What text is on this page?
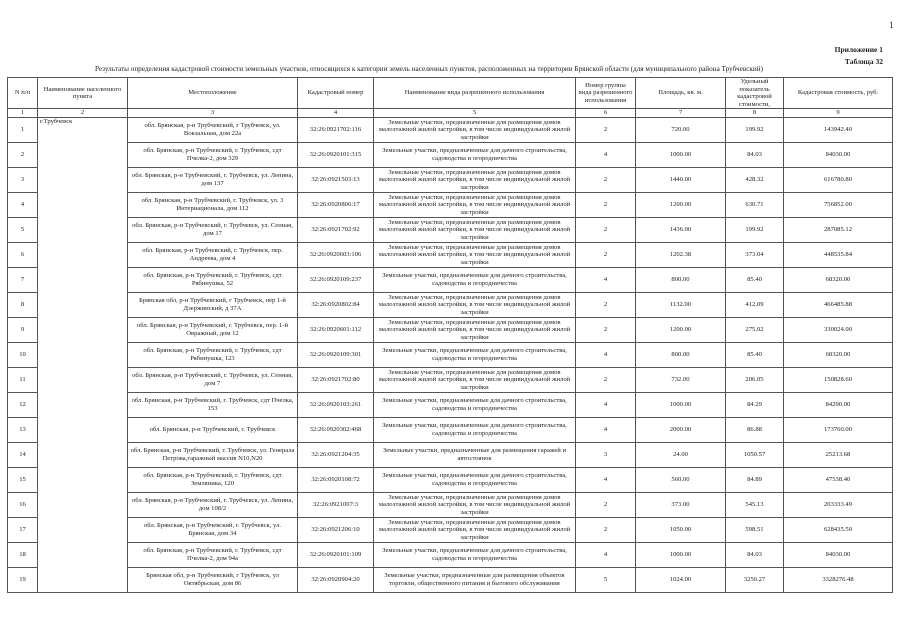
1
Приложение 1
Таблица 32
Результаты определения кадастровой стоимости земельных участков, относящихся к категории земель населенных пунктов, расположенных на территории Брянской области (для муниципального района Трубчевский)
N п/п	Наименование населенного пункта	Местоположение	Кадастровый номер	Наименование вида разрешенного использования	Номер группы вида разрешенного использования	Площадь, кв. м.	Удельный показатель кадастровой стоимости,	Кадастровая стоимость, руб.
1	2	3	4	5	6	7	8	9
1	г.Трубчевск	обл. Брянская, р-н Трубчевский, г Трубчевск, ул. Вокзальная, дом 22а	32:26:0921702:116	Земельные участки, предназначенные для размещения домов малоэтажной жилой застройки, в том числе индивидуальной жилой застройки	2	720.00	199.92	143942.40
2		обл. Брянская, р-н Трубчевский, г. Трубчевск, сдт Пчелка-2, дом 329	32:26:0920101:315	Земельные участки, предназначенные для дачного строительства, садоводства и огородничества	4	1000.00	84.03	84030.00
3		обл. Брянская, р-н Трубчевский, г. Трубчевск, ул. Ленина, дом 137	32:26:0921503:13	Земельные участки, предназначенные для размещения домов малоэтажной жилой застройки, в том числе индивидуальной жилой застройки	2	1440.00	428.32	616780.80
4		обл. Брянская, р-н Трубчевский, г. Трубчевск, ул. 3 Интернационала, дом 112	32:26:0920806:17	Земельные участки, предназначенные для размещения домов малоэтажной жилой застройки, в том числе индивидуальной жилой застройки	2	1200.00	630.71	756852.00
5		обл. Брянская, р-н Трубчевский, г. Трубчевск, ул. Сенная, дом 17	32:26:0921702:92	Земельные участки, предназначенные для размещения домов малоэтажной жилой застройки, в том числе индивидуальной жилой застройки	2	1436.00	199.92	287085.12
6		обл. Брянская, р-н Трубчевский, г. Трубчевск, пер. Андреева, дом 4	32:26:0920603:106	Земельные участки, предназначенные для размещения домов малоэтажной жилой застройки, в том числе индивидуальной жилой застройки	2	1202.38	373.04	448535.84
7		обл. Брянская, р-н Трубчевский, г. Трубчевск, сдт Рябинушка, 52	32:26:0920109:237	Земельные участки, предназначенные для дачного строительства, садоводства и огородничества	4	800.00	85.40	68320.00
8		Брянская обл, р-н Трубчевский, г Трубчевск, пер 1-й Дзержинский, д 37А	32:26:0920802:84	Земельные участки, предназначенные для размещения домов малоэтажной жилой застройки, в том числе индивидуальной жилой застройки	2	1132.00	412.09	466485.88
9		обл. Брянская, р-н Трубчевский, г. Трубчевск, пер. 1-й Овражный, дом 12	32:26:0920601:112	Земельные участки, предназначенные для размещения домов малоэтажной жилой застройки, в том числе индивидуальной жилой застройки	2	1200.00	275.02	330024.00
10		обл. Брянская, р-н Трубчевский, г. Трубчевск, сдт Рябинушка, 123	32:26:0920109:301	Земельные участки, предназначенные для дачного строительства, садоводства и огородничества	4	800.00	85.40	68320.00
11		обл. Брянская, р-н Трубчевский, г. Трубчевск, ул. Сенная, дом 7	32:26:0921702:80	Земельные участки, предназначенные для размещения домов малоэтажной жилой застройки, в том числе индивидуальной жилой застройки	2	732.00	206.05	150828.60
12		обл. Брянская, р-н Трубчевский, г. Трубчевск, сдт Пчелка, 153	32:26:0920103:261	Земельные участки, предназначенные для дачного строительства, садоводства и огородничества	4	1000.00	84.29	84290.00
13		обл. Брянская, р-н Трубчевский, г. Трубчевск	32:26:0920302:468	Земельные участки, предназначенные для дачного строительства, садоводства и огородничества	4	2000.00	86.88	173760.00
14		обл. Брянская, р-н Трубчевский, г. Трубчевск, ул. Генерала Петрова,гаражный массив N10,N20	32:26:0921204:35	Земельные участки, предназначенные для размещения гаражей и автостоянок	3	24.00	1050.57	25213.68
15		обл. Брянская, р-н Трубчевский, г. Трубчевск, сдт Земляника, 120	32:26:0920108:72	Земельные участки, предназначенные для дачного строительства, садоводства и огородничества	4	560.00	84.89	47538.40
16		обл. Брянская, р-н Трубчевский, г. Трубчевск, ул. Ленина, дом 108/2	32:26:0921007:3	Земельные участки, предназначенные для размещения домов малоэтажной жилой застройки, в том числе индивидуальной жилой застройки	2	373.00	545.13	203333.49
17		обл. Брянская, р-н Трубчевский, г. Трубчевск, ул. Брянская, дом 34	32:26:0921206:10	Земельные участки, предназначенные для размещения домов малоэтажной жилой застройки, в том числе индивидуальной жилой застройки	2	1050.00	598.51	628435.50
18		обл. Брянская, р-н Трубчевский, г. Трубчевск, сдт Пчелка-2, дом 94а	32:26:0920101:109	Земельные участки, предназначенные для дачного строительства, садоводства и огородничества	4	1000.00	84.03	84030.00
19		Брянская обл, р-н Трубчевский, г Трубчевск, ул Октябрьская, дом 86	32:26:0920904:20	Земельные участки, предназначенные для размещения объектов торговли, общественного питания и бытового обслуживания	5	1024.00	3250.27	3328276.48
